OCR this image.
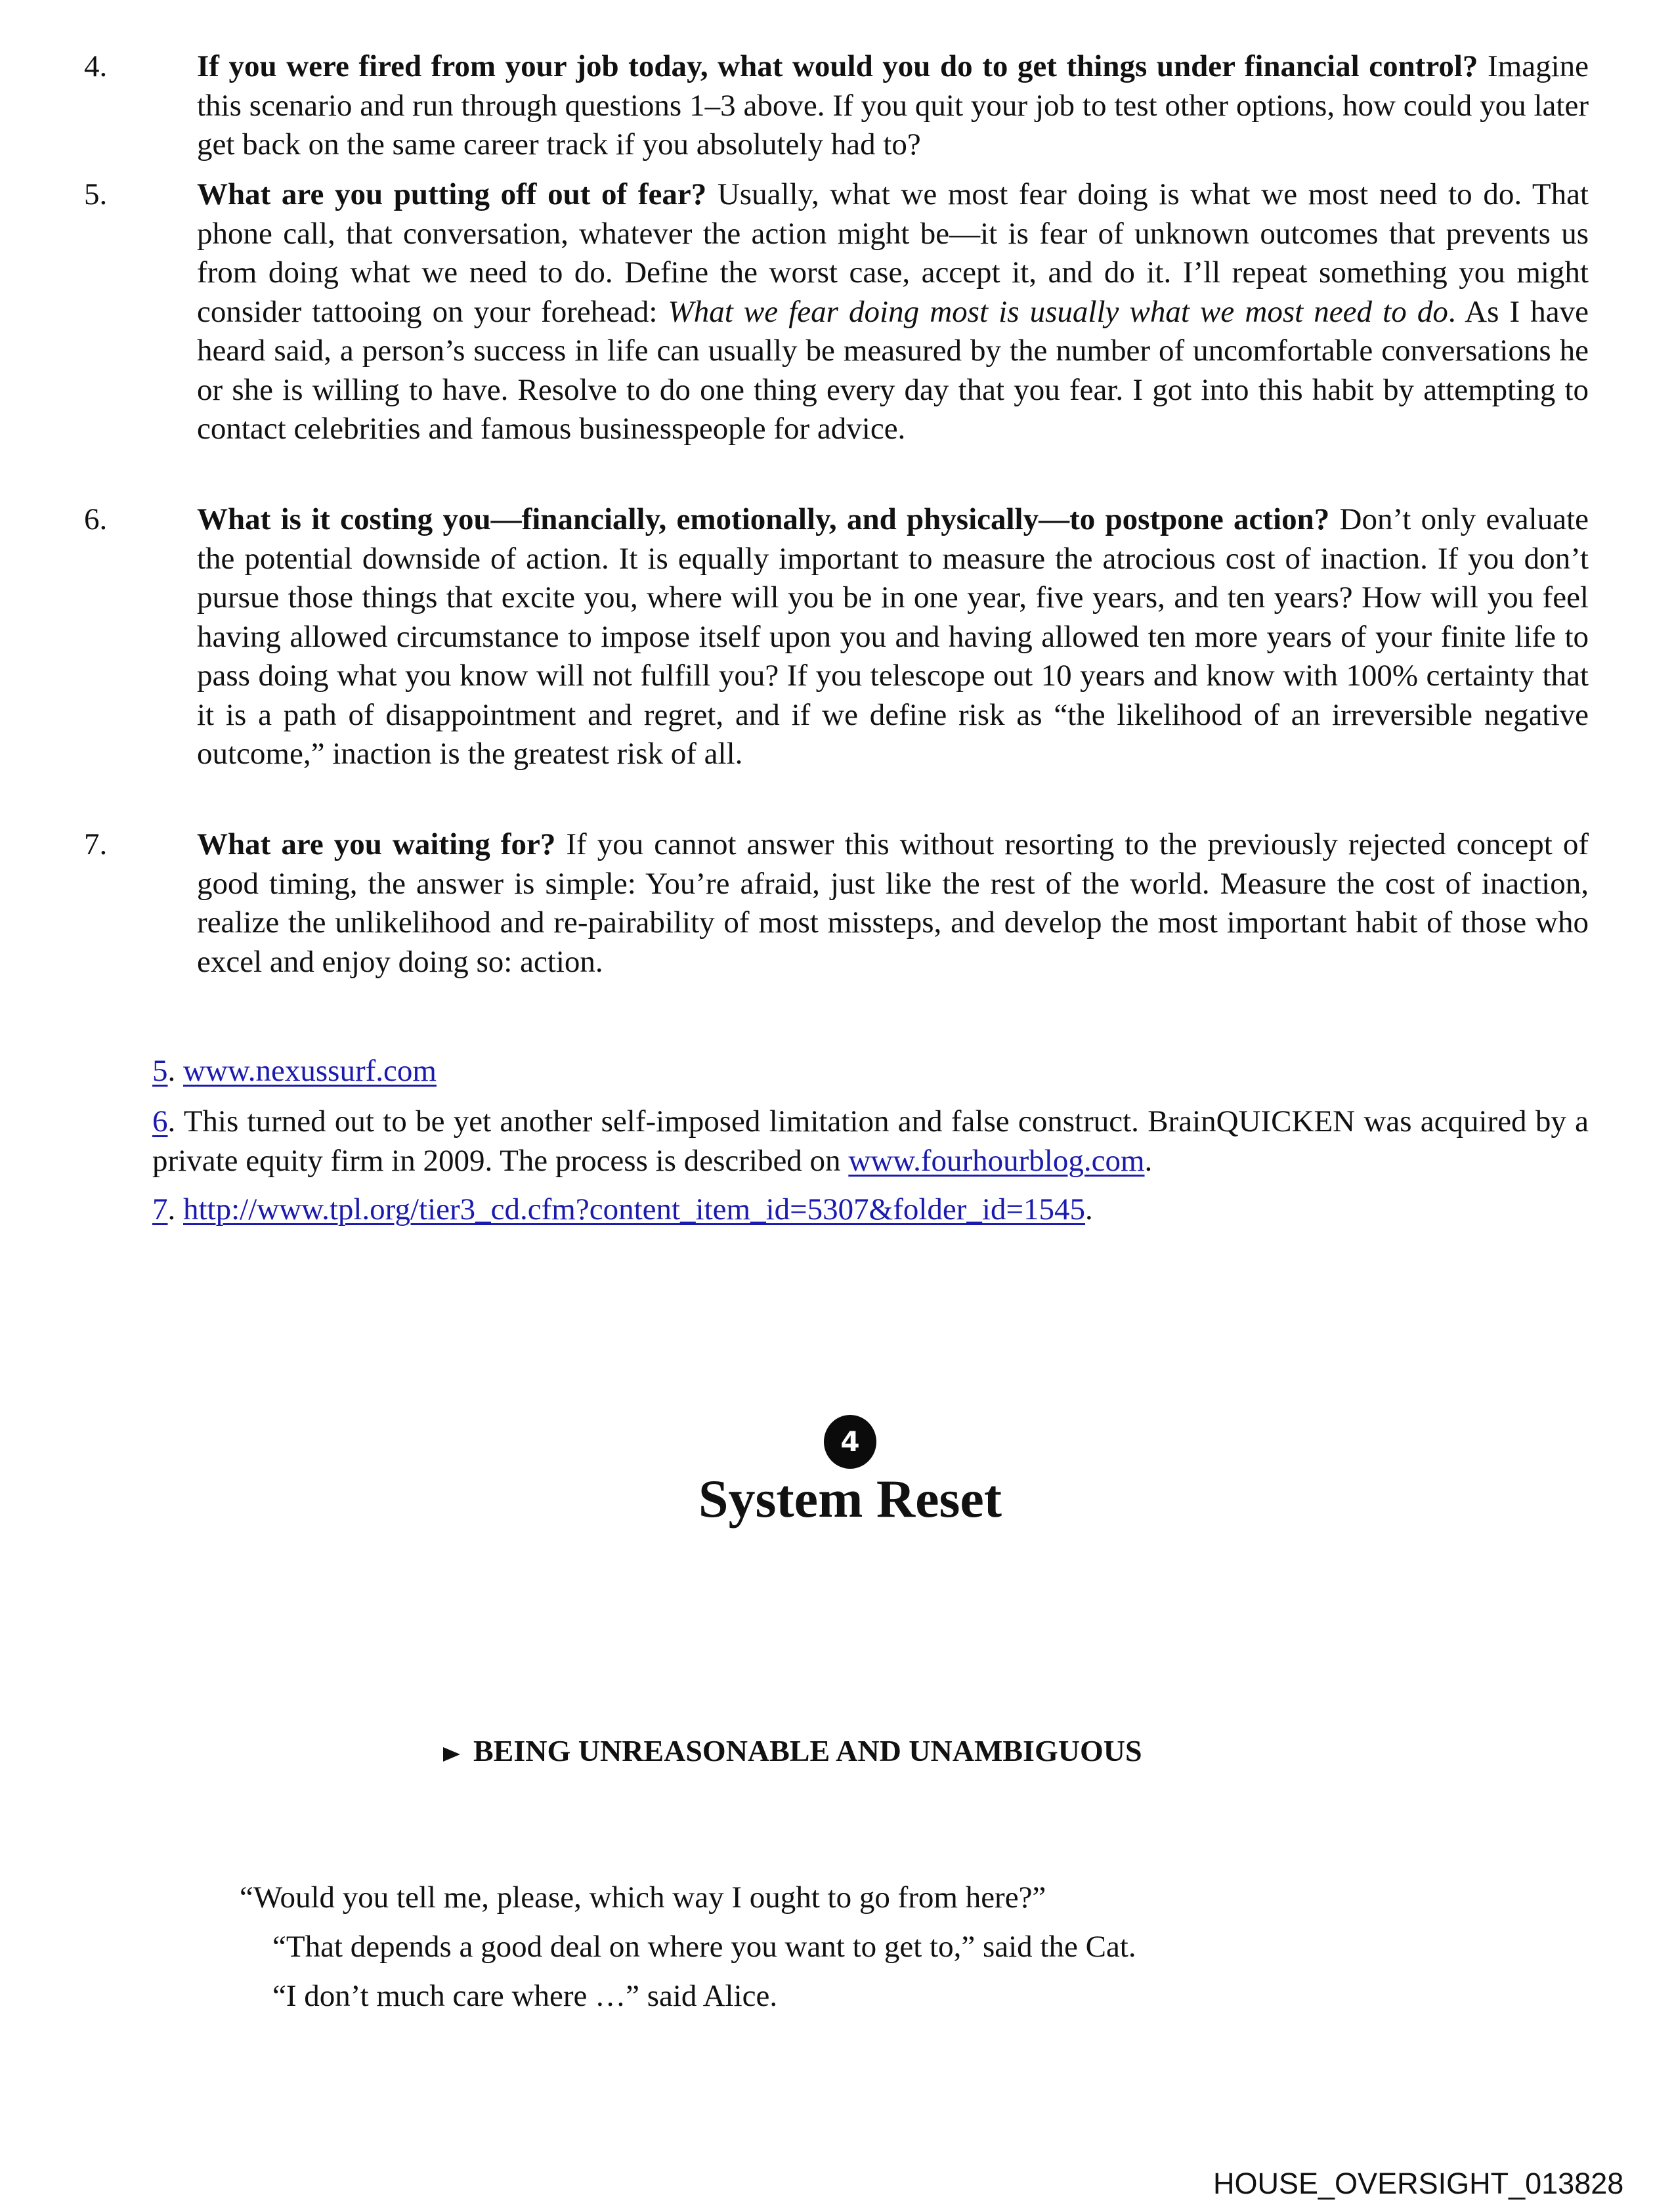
4.	If you were fired from your job today, what would you do to get things under financial control? Imagine this scenario and run through questions 1–3 above. If you quit your job to test other options, how could you later get back on the same career track if you absolutely had to?
5.	What are you putting off out of fear? Usually, what we most fear doing is what we most need to do. That phone call, that conversation, whatever the action might be—it is fear of unknown outcomes that prevents us from doing what we need to do. Define the worst case, accept it, and do it. I’ll repeat something you might consider tattooing on your forehead: What we fear doing most is usually what we most need to do. As I have heard said, a person’s success in life can usually be measured by the number of uncomfortable conversations he or she is willing to have. Resolve to do one thing every day that you fear. I got into this habit by attempting to contact celebrities and famous businesspeople for advice.
6.	What is it costing you—financially, emotionally, and physically—to postpone action? Don’t only evaluate the potential downside of action. It is equally important to measure the atrocious cost of inaction. If you don’t pursue those things that excite you, where will you be in one year, five years, and ten years? How will you feel having allowed circumstance to impose itself upon you and having allowed ten more years of your finite life to pass doing what you know will not fulfill you? If you telescope out 10 years and know with 100% certainty that it is a path of disappointment and regret, and if we define risk as “the likelihood of an irreversible negative outcome,” inaction is the greatest risk of all.
7.	What are you waiting for? If you cannot answer this without resorting to the previously rejected concept of good timing, the answer is simple: You’re afraid, just like the rest of the world. Measure the cost of inaction, realize the unlikelihood and re-pairability of most missteps, and develop the most important habit of those who excel and enjoy doing so: action.
5. www.nexussurf.com
6. This turned out to be yet another self-imposed limitation and false construct. BrainQUICKEN was acquired by a private equity firm in 2009. The process is described on www.fourhourblog.com.
7. http://www.tpl.org/tier3_cd.cfm?content_item_id=5307&folder_id=1545.
4
System Reset
BEING UNREASONABLE AND UNAMBIGUOUS
“Would you tell me, please, which way I ought to go from here?”
“That depends a good deal on where you want to get to,” said the Cat.
“I don’t much care where …” said Alice.
HOUSE_OVERSIGHT_013828
